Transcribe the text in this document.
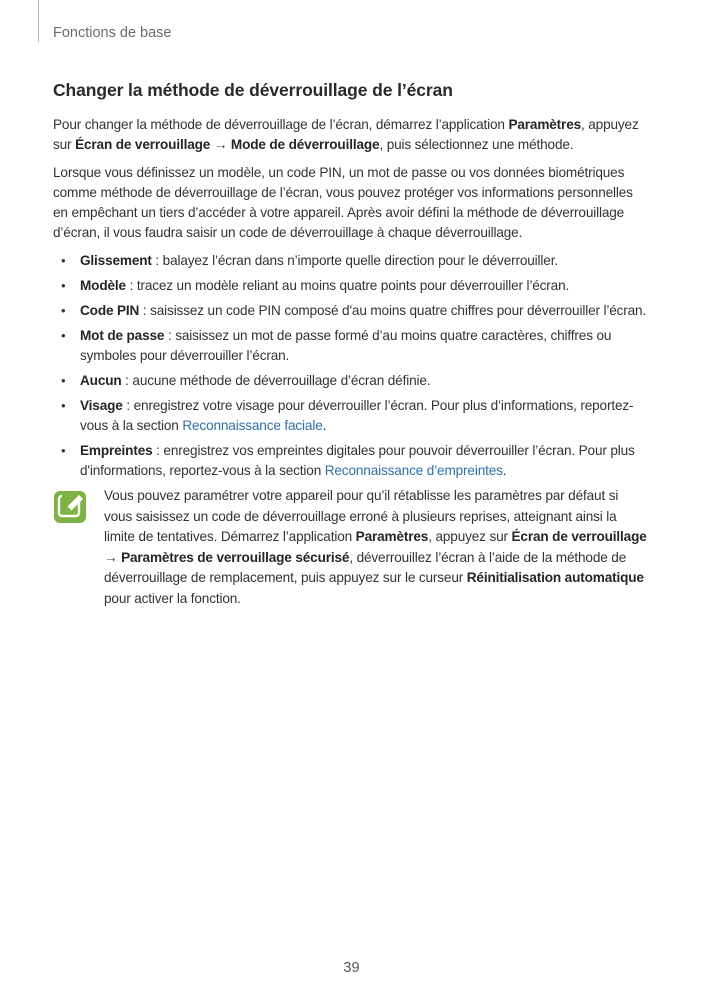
Fonctions de base
Changer la méthode de déverrouillage de l’écran

Pour changer la méthode de déverrouillage de l’écran, démarrez l’application Paramètres, appuyez sur Écran de verrouillage → Mode de déverrouillage, puis sélectionnez une méthode.

Lorsque vous définissez un modèle, un code PIN, un mot de passe ou vos données biométriques comme méthode de déverrouillage de l’écran, vous pouvez protéger vos informations personnelles en empêchant un tiers d’accéder à votre appareil. Après avoir défini la méthode de déverrouillage d’écran, il vous faudra saisir un code de déverrouillage à chaque déverrouillage.

• Glissement : balayez l’écran dans n’importe quelle direction pour le déverrouiller.
• Modèle : tracez un modèle reliant au moins quatre points pour déverrouiller l’écran.
• Code PIN : saisissez un code PIN composé d'au moins quatre chiffres pour déverrouiller l’écran.
• Mot de passe : saisissez un mot de passe formé d’au moins quatre caractères, chiffres ou symboles pour déverrouiller l’écran.
• Aucun : aucune méthode de déverrouillage d’écran définie.
• Visage : enregistrez votre visage pour déverrouiller l’écran. Pour plus d’informations, reportez-vous à la section Reconnaissance faciale.
• Empreintes : enregistrez vos empreintes digitales pour pouvoir déverrouiller l’écran. Pour plus d'informations, reportez-vous à la section Reconnaissance d’empreintes.
Vous pouvez paramétrer votre appareil pour qu’il rétablisse les paramètres par défaut si vous saisissez un code de déverrouillage erroné à plusieurs reprises, atteignant ainsi la limite de tentatives. Démarrez l’application Paramètres, appuyez sur Écran de verrouillage → Paramètres de verrouillage sécurisé, déverrouillez l’écran à l’aide de la méthode de déverrouillage de remplacement, puis appuyez sur le curseur Réinitialisation automatique pour activer la fonction.
39
